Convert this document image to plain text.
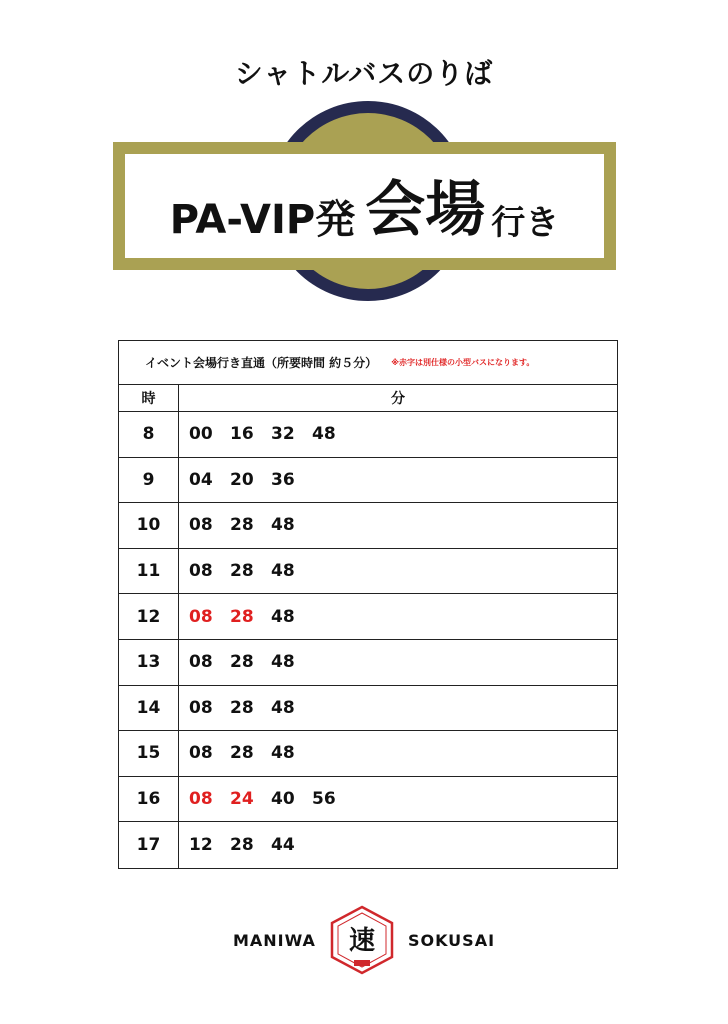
シャトルバスのりば
PA-VIP発 会場 行き
イベント会場行き直通（所要時間 約５分） ※赤字は別仕様の小型バスになります。
時	分
8	00	16	32	48
9	04	20	36
10	08	28	48
11	08	28	48
12	08	28	48
13	08	28	48
14	08	28	48
15	08	28	48
16	08	24	40	56
17	12	28	44
MANIWA 速 SOKUSAI
